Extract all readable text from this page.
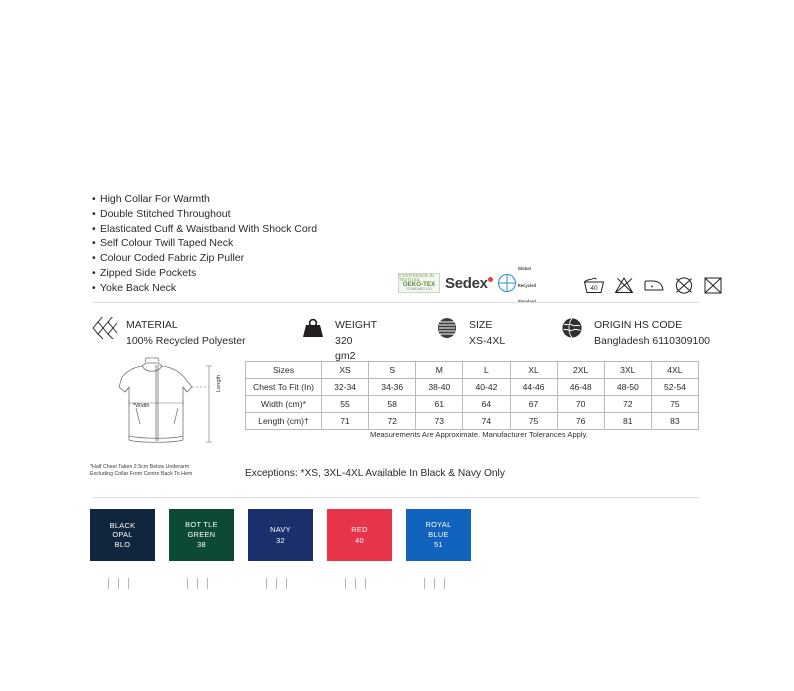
• High Collar For Warmth
• Double Stitched Throughout
• Elasticated Cuff & Waistband With Shock Cord
• Self Colour Twill Taped Neck
• Colour Coded Fabric Zip Puller
• Zipped Side Pockets
• Yoke Back Neck
CONFIDENCE IN TEXTILES
OEKO-TEX
STANDARD 100 Sedex
Global Recycled
Standard
40
MATERIAL
100% Recycled Polyester
WEIGHT
320
gm2
SIZE
XS-4XL
ORIGIN HS CODE
Bangladesh 6110309100
*Width
Length
*Half Chest Taken 2.5cm Below Underarm
Excluding Collar From Centre Back To Hem
Sizes	XS	S	M	L	XL	2XL	3XL	4XL
Chest To Fit (In)	32-34	34-36	38-40	40-42	44-46	46-48	48-50	52-54
Width (cm)*	55	58	61	64	67	70	72	75
Length (cm)†	71	72	73	74	75	76	81	83
Measurements Are Approximate. Manufacturer Tolerances Apply.
Exceptions: *XS, 3XL-4XL Available In Black & Navy Only
BLACK
OPAL
BLO
BOT TLE
GREEN
38
NAVY
32
RED
40
ROYAL
BLUE
51
